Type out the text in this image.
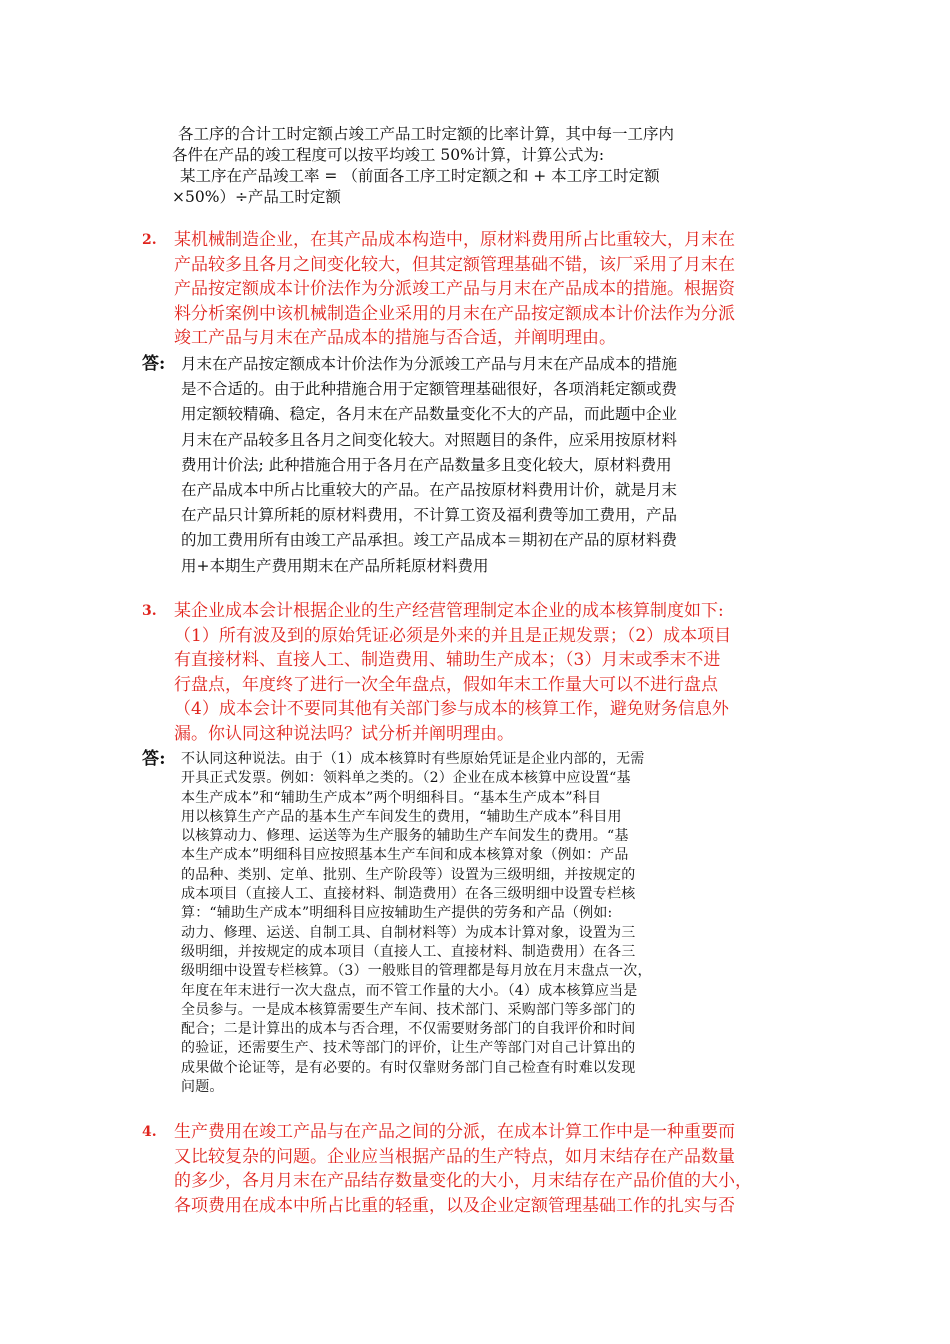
各工序的合计工时定额占竣工产品工时定额的比率计算，其中每一工序内
各件在产品的竣工程度可以按平均竣工 50%计算，计算公式为:
某工序在产品竣工率 = （前面各工序工时定额之和 + 本工序工时定额
×50%）÷产品工时定额
2. 某机械制造企业，在其产品成本构造中，原材料费用所占比重较大，月末在
产品较多且各月之间变化较大，但其定额管理基础不错，该厂采用了月末在
产品按定额成本计价法作为分派竣工产品与月末在产品成本的措施。根据资
料分析案例中该机械制造企业采用的月末在产品按定额成本计价法作为分派
竣工产品与月末在产品成本的措施与否合适，并阐明理由。
答: 月末在产品按定额成本计价法作为分派竣工产品与月末在产品成本的措施
是不合适的。由于此种措施合用于定额管理基础很好，各项消耗定额或费
用定额较精确、稳定，各月末在产品数量变化不大的产品，而此题中企业
月末在产品较多且各月之间变化较大。对照题目的条件，应采用按原材料
费用计价法; 此种措施合用于各月在产品数量多且变化较大，原材料费用
在产品成本中所占比重较大的产品。在产品按原材料费用计价，就是月末
在产品只计算所耗的原材料费用，不计算工资及福利费等加工费用，产品
的加工费用所有由竣工产品承担。竣工产品成本＝期初在产品的原材料费
用+本期生产费用期末在产品所耗原材料费用
3. 某企业成本会计根据企业的生产经营管理制定本企业的成本核算制度如下:
（1）所有波及到的原始凭证必须是外来的并且是正规发票；（2）成本项目
有直接材料、直接人工、制造费用、辅助生产成本；（3）月末或季末不进
行盘点，年度终了进行一次全年盘点，假如年末工作量大可以不进行盘点
（4）成本会计不要同其他有关部门参与成本的核算工作，避免财务信息外
漏。你认同这种说法吗？试分析并阐明理由。
答: 不认同这种说法。由于（1）成本核算时有些原始凭证是企业内部的，无需
开具正式发票。例如：领料单之类的。（2）企业在成本核算中应设置“基
本生产成本”和“辅助生产成本”两个明细科目。“基本生产成本”科目
用以核算生产产品的基本生产车间发生的费用，“辅助生产成本”科目用
以核算动力、修理、运送等为生产服务的辅助生产车间发生的费用。“基
本生产成本”明细科目应按照基本生产车间和成本核算对象（例如：产品
的品种、类别、定单、批别、生产阶段等）设置为三级明细，并按规定的
成本项目（直接人工、直接材料、制造费用）在各三级明细中设置专栏核
算：“辅助生产成本”明细科目应按辅助生产提供的劳务和产品（例如:
动力、修理、运送、自制工具、自制材料等）为成本计算对象，设置为三
级明细，并按规定的成本项目（直接人工、直接材料、制造费用）在各三
级明细中设置专栏核算。（3）一般账目的管理都是每月放在月末盘点一次，
年度在年末进行一次大盘点，而不管工作量的大小。（4）成本核算应当是
全员参与。一是成本核算需要生产车间、技术部门、采购部门等多部门的
配合；二是计算出的成本与否合理，不仅需要财务部门的自我评价和时间
的验证，还需要生产、技术等部门的评价，让生产等部门对自己计算出的
成果做个论证等，是有必要的。有时仅靠财务部门自己检查有时难以发现
问题。
4. 生产费用在竣工产品与在产品之间的分派，在成本计算工作中是一种重要而
又比较复杂的问题。企业应当根据产品的生产特点，如月末结存在产品数量
的多少，各月月末在产品结存数量变化的大小，月末结存在产品价值的大小，
各项费用在成本中所占比重的轻重，以及企业定额管理基础工作的扎实与否
